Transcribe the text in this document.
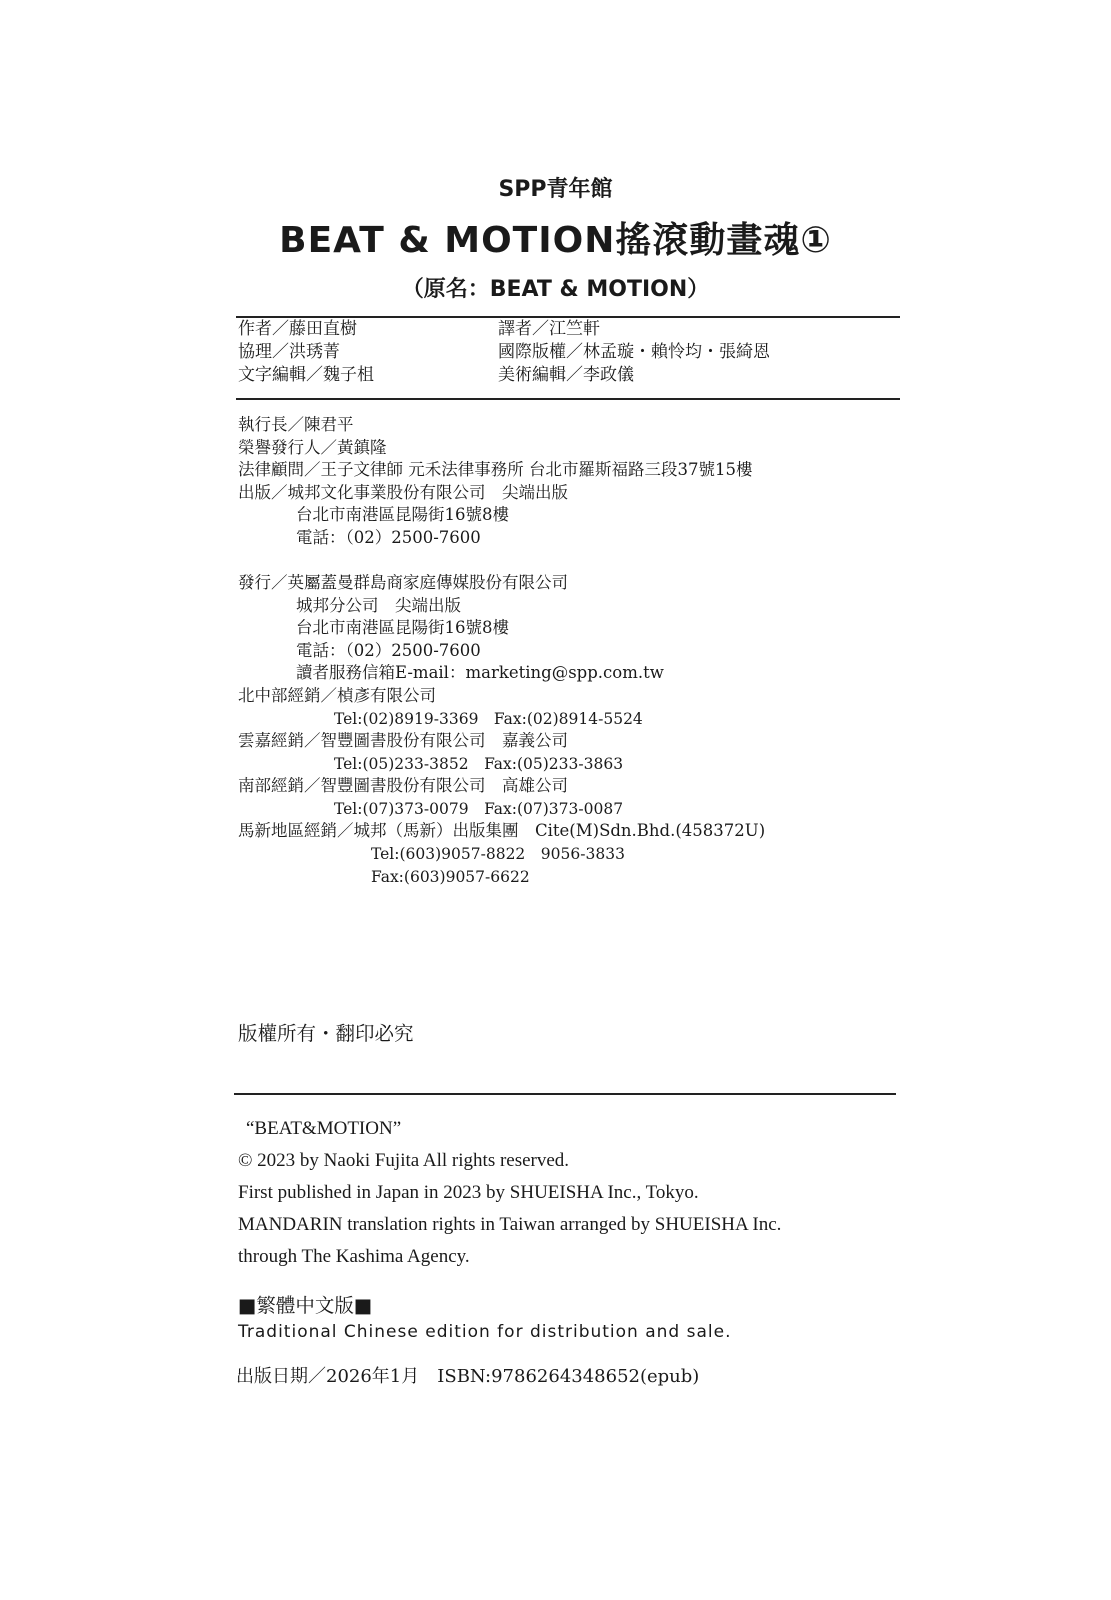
SPP青年館
BEAT & MOTION搖滾動畫魂①
（原名：BEAT & MOTION）
作者／藤田直樹
協理／洪琇菁
文字編輯／魏子柤
譯者／江竺軒
國際版權／林孟璇・賴怜均・張綺恩
美術編輯／李政儀
執行長／陳君平
榮譽發行人／黃鎮隆
法律顧問／王子文律師 元禾法律事務所 台北市羅斯福路三段37號15樓
出版／城邦文化事業股份有限公司　尖端出版
台北市南港區昆陽街16號8樓
電話：（02）2500-7600
發行／英屬蓋曼群島商家庭傳媒股份有限公司
城邦分公司　尖端出版
台北市南港區昆陽街16號8樓
電話：（02）2500-7600
讀者服務信箱E-mail：marketing@spp.com.tw
北中部經銷／楨彥有限公司
Tel:(02)8919-3369　Fax:(02)8914-5524
雲嘉經銷／智豐圖書股份有限公司　嘉義公司
Tel:(05)233-3852　Fax:(05)233-3863
南部經銷／智豐圖書股份有限公司　高雄公司
Tel:(07)373-0079　Fax:(07)373-0087
馬新地區經銷／城邦（馬新）出版集團　Cite(M)Sdn.Bhd.(458372U)
Tel:(603)9057-8822　9056-3833
Fax:(603)9057-6622
版權所有・翻印必究
“BEAT&MOTION”
© 2023 by Naoki Fujita All rights reserved.
First published in Japan in 2023 by SHUEISHA Inc., Tokyo.
MANDARIN translation rights in Taiwan arranged by SHUEISHA Inc.
through The Kashima Agency.
■繁體中文版■
Traditional Chinese edition for distribution and sale.
出版日期／2026年1月　ISBN:9786264348652(epub)
